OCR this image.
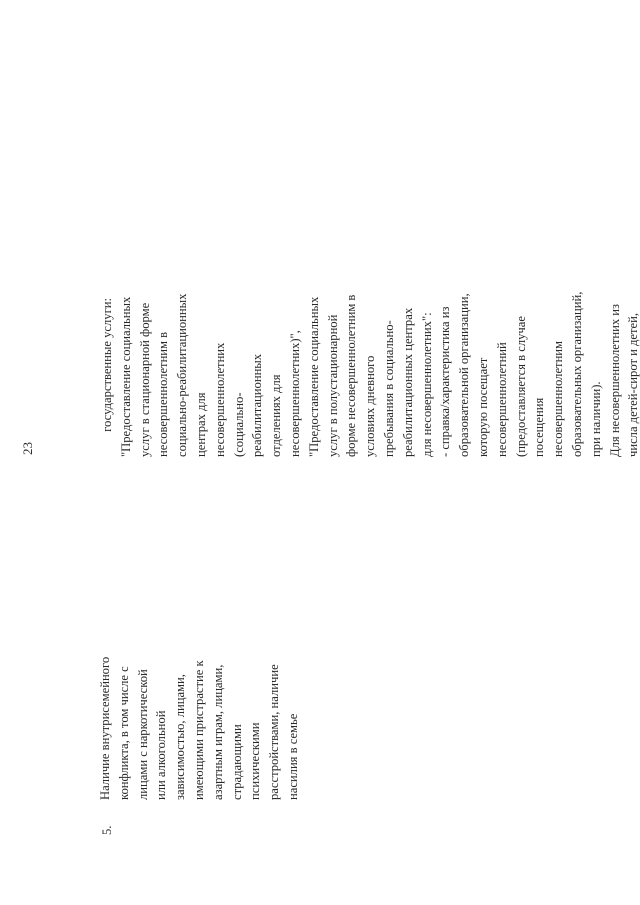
23
5.
Наличие внутрисемейного конфликта, в том числе с лицами с наркотической или алкогольной зависимостью, лицами, имеющими пристрастие к азартным играм, лицами, страдающими психическими расстройствами, наличие насилия в семье
государственные услуги: "Предоставление социальных услуг в стационарной форме несовершеннолетним в социально-реабилитационных центрах для несовершеннолетних (социально- реабилитационных отделениях для несовершеннолетних)", "Предоставление социальных услуг в полустационарной форме несовершеннолетним в условиях дневного пребывания в социально- реабилитационных центрах для несовершеннолетних": - справка/характеристика из образовательной организации, которую посещает несовершеннолетний (предоставляется в случае посещения несовершеннолетним образовательных организаций, при наличии). Для несовершеннолетних из числа детей-сирот и детей,
